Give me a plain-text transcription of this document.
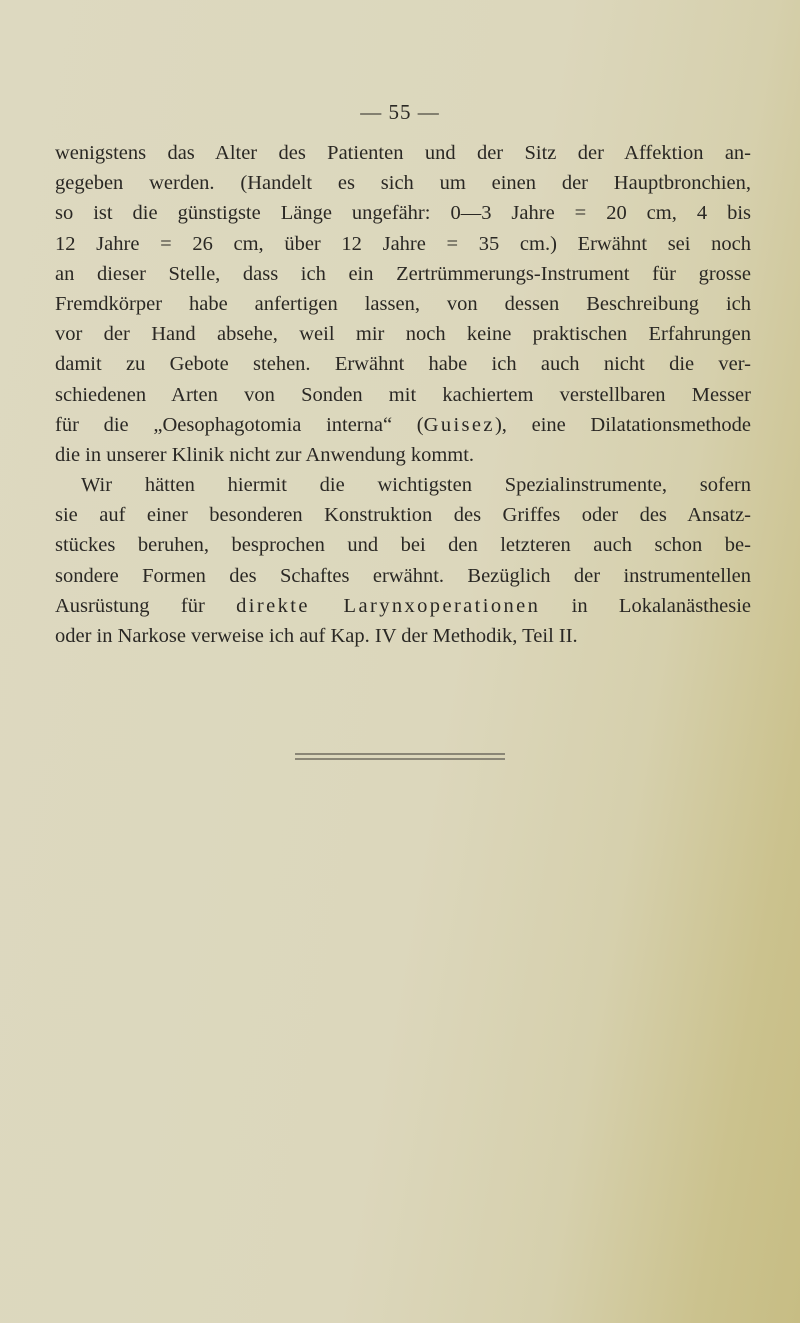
— 55 —
wenigstens das Alter des Patienten und der Sitz der Affektion an-
gegeben werden. (Handelt es sich um einen der Hauptbronchien,
so ist die günstigste Länge ungefähr: 0—3 Jahre = 20 cm, 4 bis
12 Jahre = 26 cm, über 12 Jahre = 35 cm.) Erwähnt sei noch
an dieser Stelle, dass ich ein Zertrümmerungs-Instrument für grosse
Fremdkörper habe anfertigen lassen, von dessen Beschreibung ich
vor der Hand absehe, weil mir noch keine praktischen Erfahrungen
damit zu Gebote stehen. Erwähnt habe ich auch nicht die ver-
schiedenen Arten von Sonden mit kachiertem verstellbaren Messer
für die „Oesophagotomia interna“ (Guisez), eine Dilatationsmethode
die in unserer Klinik nicht zur Anwendung kommt.
Wir hätten hiermit die wichtigsten Spezialinstrumente, sofern
sie auf einer besonderen Konstruktion des Griffes oder des Ansatz-
stückes beruhen, besprochen und bei den letzteren auch schon be-
sondere Formen des Schaftes erwähnt. Bezüglich der instrumentellen
Ausrüstung für direkte Larynxoperationen in Lokalanästhesie
oder in Narkose verweise ich auf Kap. IV der Methodik, Teil II.
